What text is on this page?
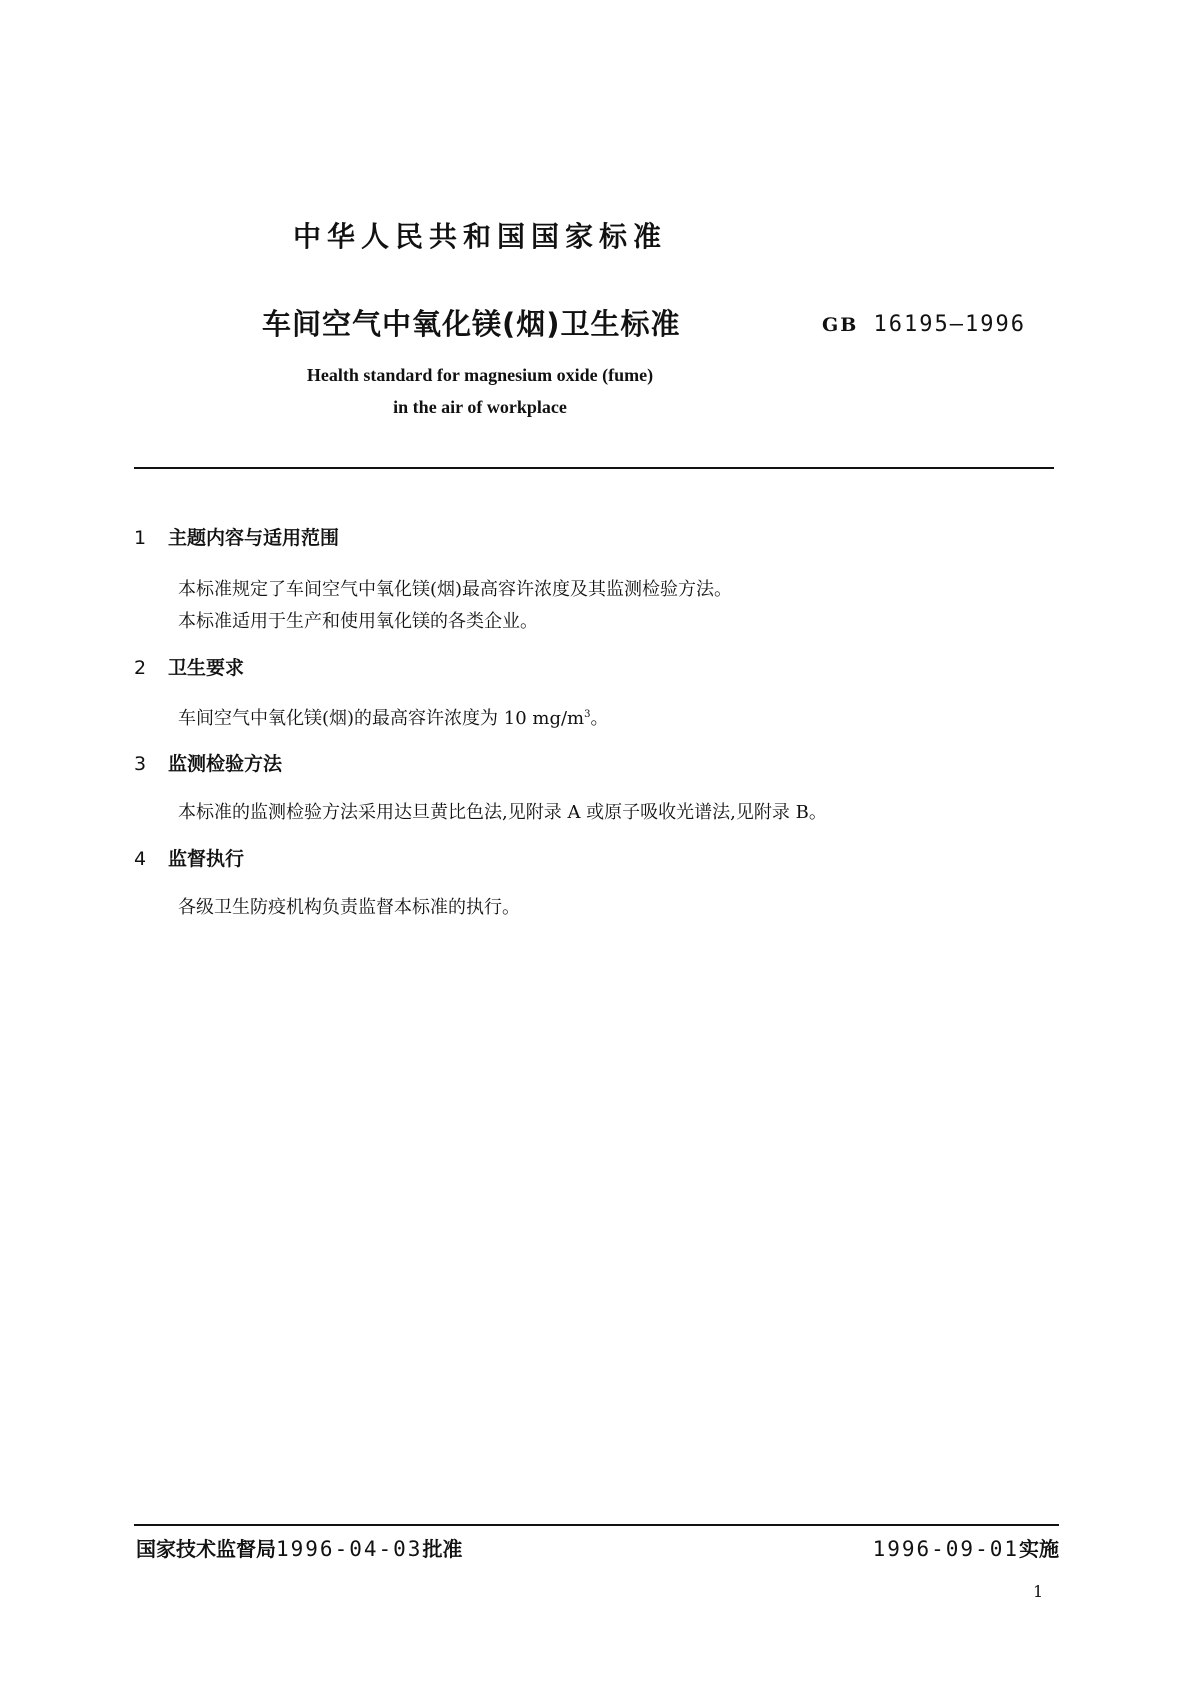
中华人民共和国国家标准
车间空气中氧化镁(烟)卫生标准	GB 16195—1996
Health standard for magnesium oxide (fume)
in the air of workplace
1 主题内容与适用范围
本标准规定了车间空气中氧化镁(烟)最高容许浓度及其监测检验方法。
本标准适用于生产和使用氧化镁的各类企业。
2 卫生要求
车间空气中氧化镁(烟)的最高容许浓度为 10 $mg/m^3$。
3 监测检验方法
本标准的监测检验方法采用达旦黄比色法,见附录 A 或原子吸收光谱法,见附录 B。
4 监督执行
各级卫生防疫机构负责监督本标准的执行。
国家技术监督局1996-04-03批准	1996-09-01实施
1
